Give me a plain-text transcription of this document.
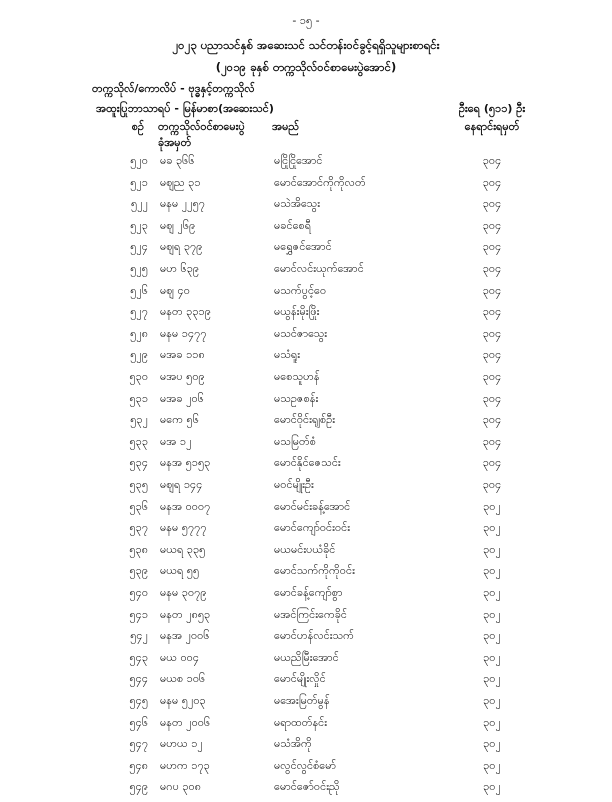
- ၁၅ -
၂၀၂၃ ပညာသင်နှစ် အဆေးသင် သင်တန်းဝင်ခွင့်ရရှိသူများစာရင်း
(၂၀၁၉ ခုနှစ် တက္ကသိုလ်ဝင်စာမေးပွဲအောင်)
တက္ကသိုလ်/ကောလိပ် - ဗုဒ္ဓနှင့်တက္ကသိုလ်
အထူးပြုဘာသာရပ် - မြန်မာစာ(အဆေးသင်)	ဦးရေ (၅၁၁) ဦး
စဉ် တက္ကသိုလ်ဝင်စာမေးပွဲ
ခုံအမှတ်
အမည်	နေရာင်းရမှတ်
၅၂၀ မခ ၃၆၆	မငြိုငြိုအောင်	၃၀၄
၅၂၁ မဈည ၃၁	မောင်အောင်ကိုကိုလတ်	၃၀၄
၅၂၂ မနမ ၂၂၅၇	မသဲအိသွေး	၃၀၄
၅၂၃ မဈ ၂၆၉	မခင်စေရီ	၃၀၄
၅၂၄ မဈရ ၃၇၉	မရွှေဇင်အောင်	၃၀၄
၅၂၅ မဟ ၆၃၉	မောင်လင်းယုက်အောင်	၃၀၄
၅၂၆ မဈ ၄၀	မသက်ပွင့်ဝေ	၃၀၄
၅၂၇ မနတ ၃၃၁၉	မယွန်းမိုးဖြိုး	၃၀၄
၅၂၈ မနမ ၁၄၇၇	မသင်ဇာသွေး	၃၀၄
၅၂၉ မအခ ၁၁၈	မသံရူး	၃၀၄
၅၃၀ မအပ ၅၀၉	မစေသူဟန်	၃၀၄
၅၃၁ မအခ ၂၀၆	မသဥဇစန်း	၃၀၄
၅၃၂ မကေ ၅၆	မောင်ဝိုင်းရျစ်ဦး	၃၀၄
၅၃၃ မအ ၁၂	မသမြတ်စံ	၃၀၄
၅၃၄ မနအ ၅၁၅၃	မောင်နိုင်ဇေသင်း	၃၀၄
၅၃၅ မဈရ ၁၄၄	မဝင်မျိုးဦး	၃၀၄
၅၃၆ မနအ ၀၀၀၇	မောင်မင်းခန့်အောင်	၃၀၂
၅၃၇ မနမ ၅၇၇၇	မောင်ကျော်ဝင်းဝင်း	၃၀၂
၅၃၈ မယရ ၃၃၅	မယမင်းပယံခိုင်	၃၀၂
၅၃၉ မယရ ၅၅	မောင်သက်ကိုကိုဝင်း	၃၀၂
၅၄၀ မနမ ၃၀၇၉	မောင်ခန့်ကျော်စွာ	၃၀၂
၅၄၁ မနတ ၂၈၅၃	မအင်ကြင်းကေခိုင်	၃၀၂
၅၄၂ မနအ ၂၀၀၆	မောင်ဟန်လင်းသက်	၃၀၂
၅၄၃ မယ ၀၀၄	မယညိမြီးအောင်	၃၀၂
၅၄၄ မယစ ၁၀၆	မောင်မျိုးလှိုင်	၃၀၂
၅၄၅ မနမ ၅၂၀၃	မအေးမြတ်မွန်	၃၀၂
၅၄၆ မနတ ၂၀၀၆	မရာထတ်နင်း	၃၀၂
၅၄၇ မဟယ ၁၂	မသံအိကို	၃၀၂
၅၄၈ မဟက ၁၇၃	မလွင်လွင်စံမော်	၃၀၂
၅၄၉ မဂပ ၃၀၈	မောင်ဇော်ဝင်းညို	၃၀၂
